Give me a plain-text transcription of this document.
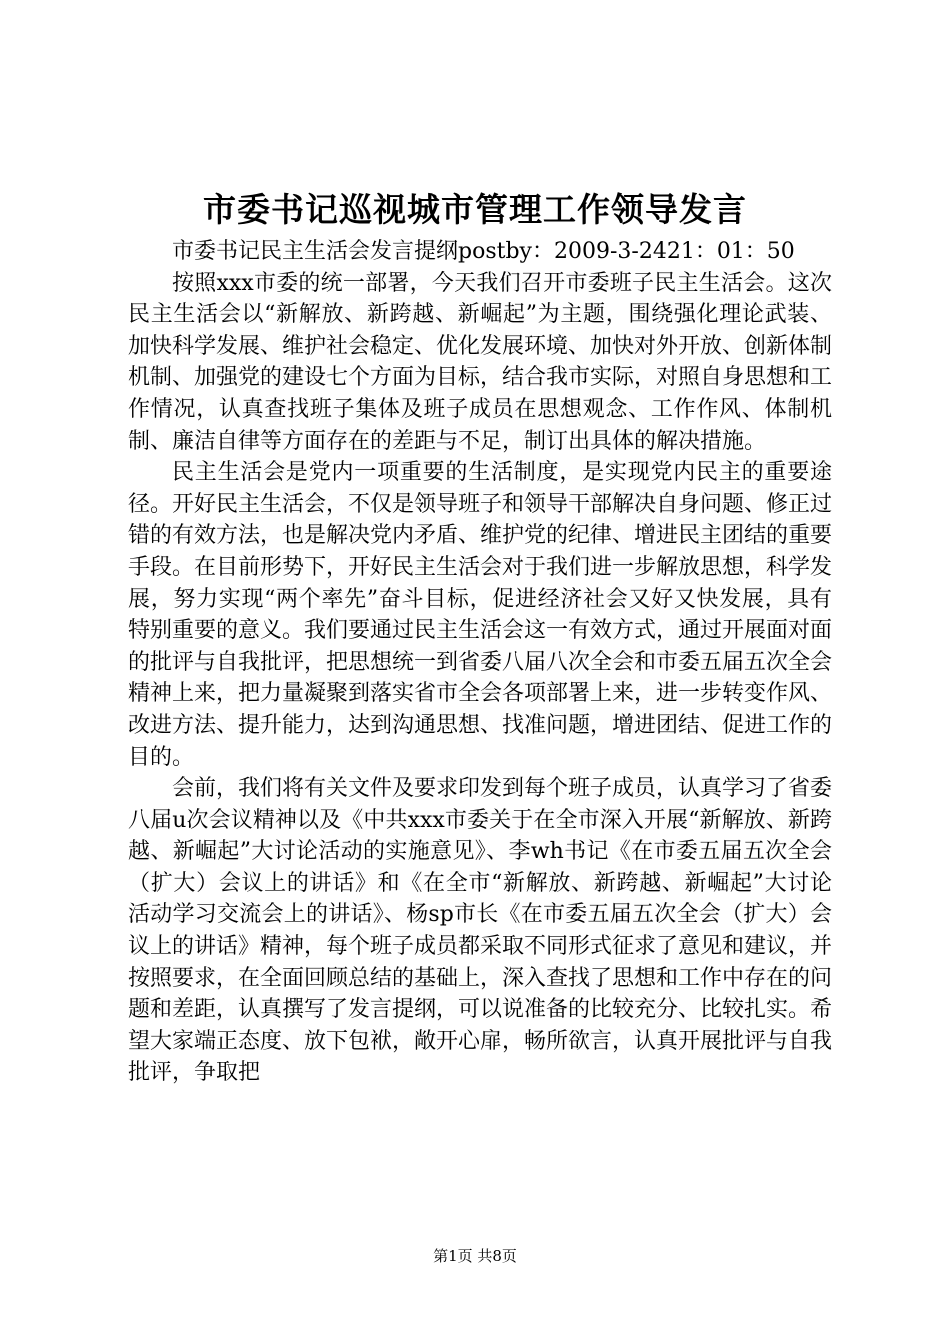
市委书记巡视城市管理工作领导发言

市委书记民主生活会发言提纲postby：2009-3-2421：01：50

按照xxx市委的统一部署，今天我们召开市委班子民主生活会。这次民主生活会以“新解放、新跨越、新崛起”为主题，围绕强化理论武装、加快科学发展、维护社会稳定、优化发展环境、加快对外开放、创新体制机制、加强党的建设七个方面为目标，结合我市实际，对照自身思想和工作情况，认真查找班子集体及班子成员在思想观念、工作作风、体制机制、廉洁自律等方面存在的差距与不足，制订出具体的解决措施。

民主生活会是党内一项重要的生活制度，是实现党内民主的重要途径。开好民主生活会，不仅是领导班子和领导干部解决自身问题、修正过错的有效方法，也是解决党内矛盾、维护党的纪律、增进民主团结的重要手段。在目前形势下，开好民主生活会对于我们进一步解放思想，科学发展，努力实现“两个率先”奋斗目标，促进经济社会又好又快发展，具有特别重要的意义。我们要通过民主生活会这一有效方式，通过开展面对面的批评与自我批评，把思想统一到省委八届八次全会和市委五届五次全会精神上来，把力量凝聚到落实省市全会各项部署上来，进一步转变作风、改进方法、提升能力，达到沟通思想、找准问题，增进团结、促进工作的目的。

会前，我们将有关文件及要求印发到每个班子成员，认真学习了省委八届u次会议精神以及《中共xxx市委关于在全市深入开展“新解放、新跨越、新崛起”大讨论活动的实施意见》、李wh书记《在市委五届五次全会（扩大）会议上的讲话》和《在全市“新解放、新跨越、新崛起”大讨论活动学习交流会上的讲话》、杨sp市长《在市委五届五次全会（扩大）会议上的讲话》精神，每个班子成员都采取不同形式征求了意见和建议，并按照要求，在全面回顾总结的基础上，深入查找了思想和工作中存在的问题和差距，认真撰写了发言提纲，可以说准备的比较充分、比较扎实。希望大家端正态度、放下包袱，敞开心扉，畅所欲言，认真开展批评与自我批评，争取把

第1页 共8页
